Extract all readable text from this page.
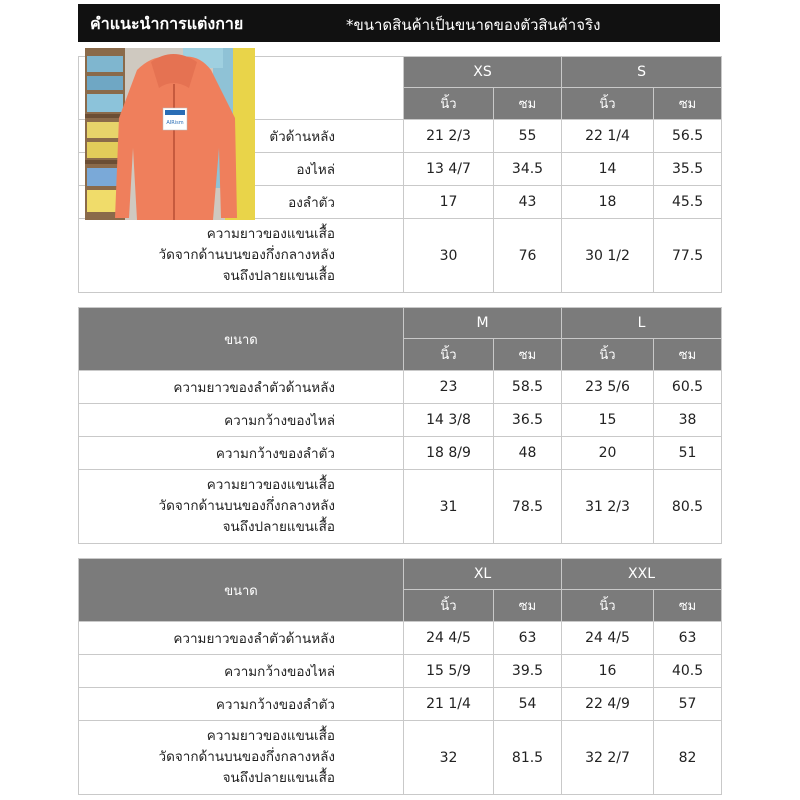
คำแนะนำการแต่งกาย	*ขนาดสินค้าเป็นขนาดของตัวสินค้าจริง
	XS		S	
	นิ้ว	ซม	นิ้ว	ซม
ตัวด้านหลัง	21 2/3	55	22 1/4	56.5
องไหล่	13 4/7	34.5	14	35.5
องลำตัว	17	43	18	45.5

ความยาวของแขนเสื้อ
วัดจากด้านบนของกึ่งกลางหลัง
จนถึงปลายแขนเสื้อ	30	76	30 1/2	77.5
ขนาด	M		L	
	นิ้ว	ซม	นิ้ว	ซม
ความยาวของลำตัวด้านหลัง	23	58.5	23 5/6	60.5
ความกว้างของไหล่	14 3/8	36.5	15	38
ความกว้างของลำตัว	18 8/9	48	20	51

ความยาวของแขนเสื้อ
วัดจากด้านบนของกึ่งกลางหลัง
จนถึงปลายแขนเสื้อ	31	78.5	31 2/3	80.5
ขนาด	XL		XXL	
	นิ้ว	ซม	นิ้ว	ซม
ความยาวของลำตัวด้านหลัง	24 4/5	63	24 4/5	63
ความกว้างของไหล่	15 5/9	39.5	16	40.5
ความกว้างของลำตัว	21 1/4	54	22 4/9	57

ความยาวของแขนเสื้อ
วัดจากด้านบนของกึ่งกลางหลัง
จนถึงปลายแขนเสื้อ	32	81.5	32 2/7	82
AIRism
